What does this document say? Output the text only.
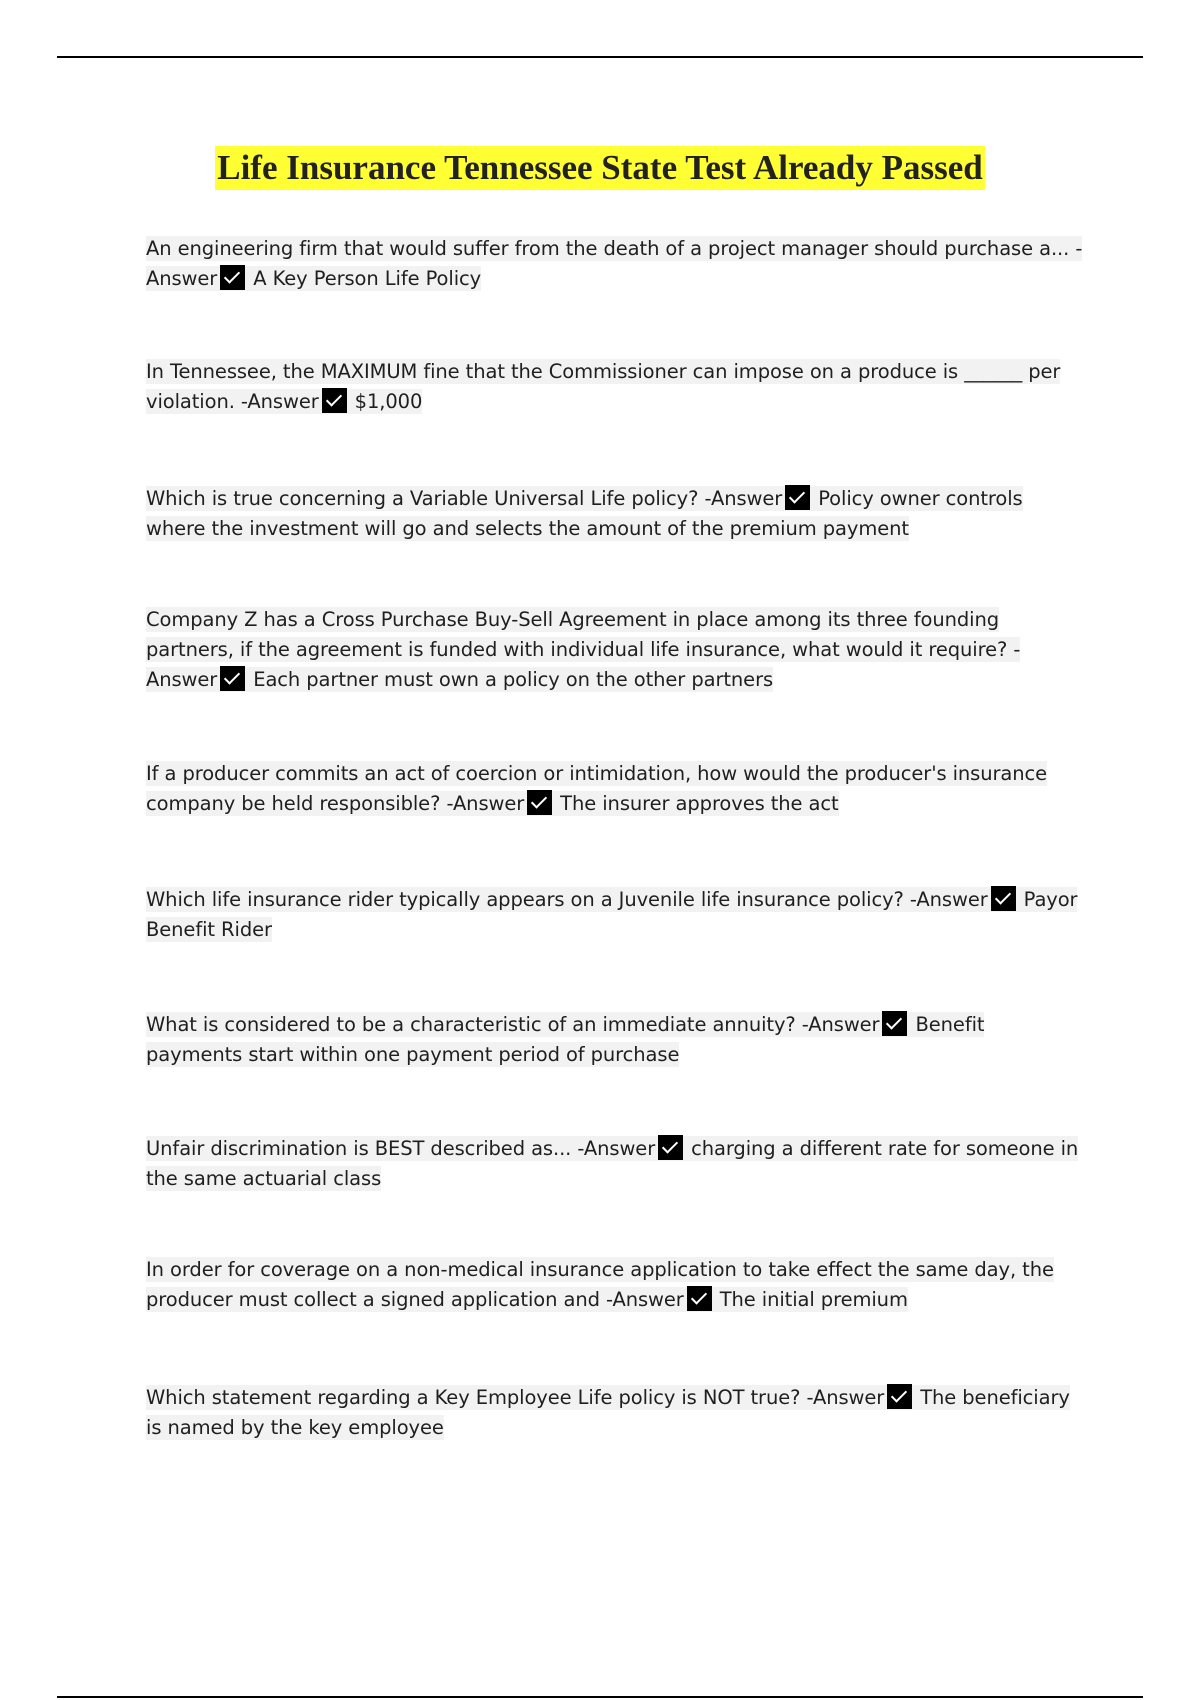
Life Insurance Tennessee State Test Already Passed
An engineering firm that would suffer from the death of a project manager should purchase a... -Answer A Key Person Life Policy
In Tennessee, the MAXIMUM fine that the Commissioner can impose on a produce is ______ per violation. -Answer $1,000
Which is true concerning a Variable Universal Life policy? -Answer Policy owner controls where the investment will go and selects the amount of the premium payment
Company Z has a Cross Purchase Buy-Sell Agreement in place among its three founding partners, if the agreement is funded with individual life insurance, what would it require? -Answer Each partner must own a policy on the other partners
If a producer commits an act of coercion or intimidation, how would the producer's insurance company be held responsible? -Answer The insurer approves the act
Which life insurance rider typically appears on a Juvenile life insurance policy? -Answer Payor Benefit Rider
What is considered to be a characteristic of an immediate annuity? -Answer Benefit payments start within one payment period of purchase
Unfair discrimination is BEST described as... -Answer charging a different rate for someone in the same actuarial class
In order for coverage on a non-medical insurance application to take effect the same day, the producer must collect a signed application and -Answer The initial premium
Which statement regarding a Key Employee Life policy is NOT true? -Answer The beneficiary is named by the key employee
